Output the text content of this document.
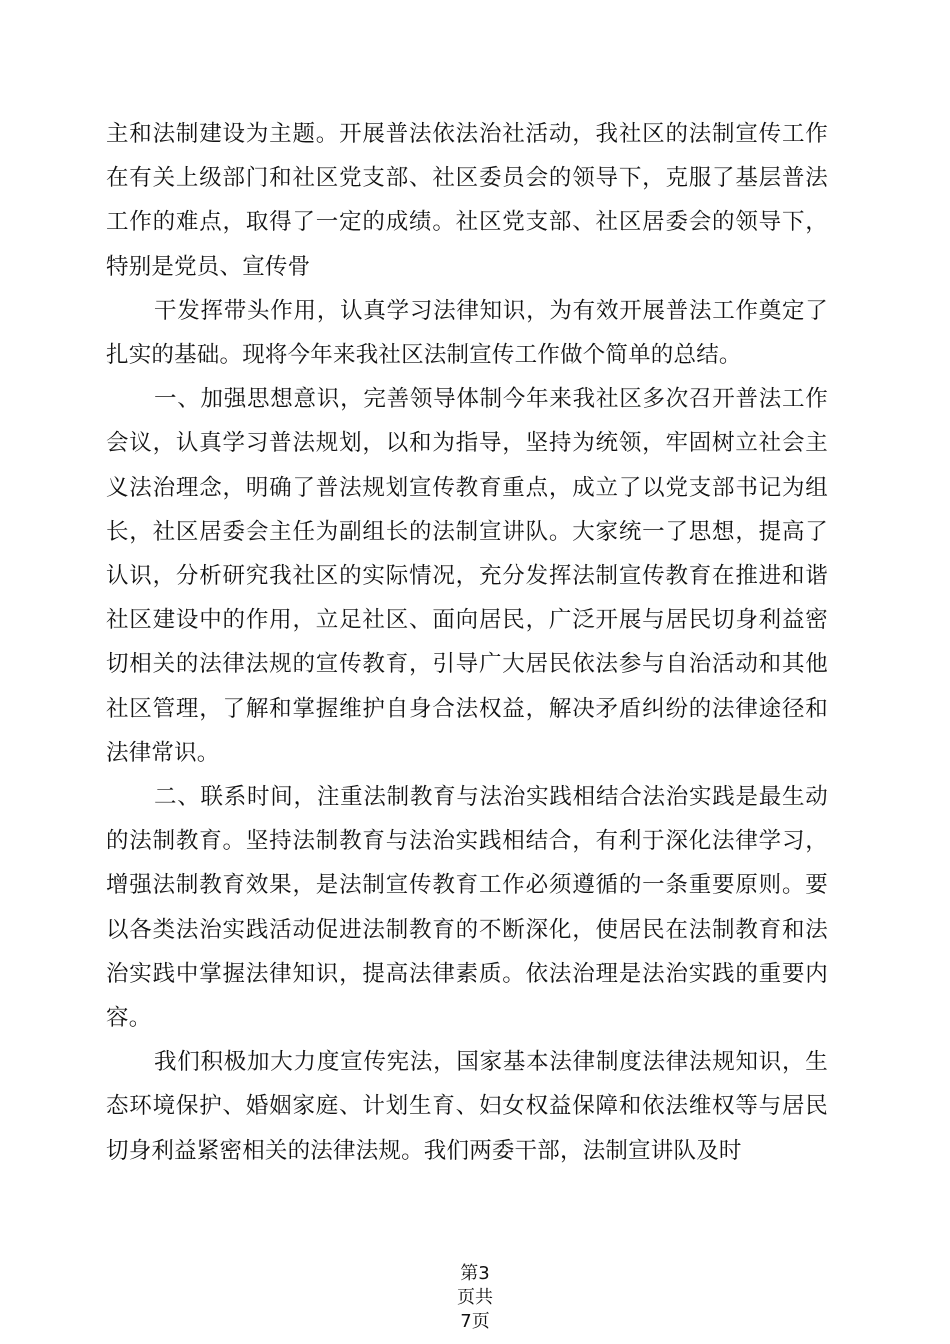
主和法制建设为主题。开展普法依法治社活动，我社区的法制宣传工作在有关上级部门和社区党支部、社区委员会的领导下，克服了基层普法工作的难点，取得了一定的成绩。社区党支部、社区居委会的领导下，特别是党员、宣传骨

干发挥带头作用，认真学习法律知识，为有效开展普法工作奠定了扎实的基础。现将今年来我社区法制宣传工作做个简单的总结。

一、加强思想意识，完善领导体制今年来我社区多次召开普法工作会议，认真学习普法规划，以和为指导，坚持为统领，牢固树立社会主义法治理念，明确了普法规划宣传教育重点，成立了以党支部书记为组长，社区居委会主任为副组长的法制宣讲队。大家统一了思想，提高了认识，分析研究我社区的实际情况，充分发挥法制宣传教育在推进和谐社区建设中的作用，立足社区、面向居民，广泛开展与居民切身利益密切相关的法律法规的宣传教育，引导广大居民依法参与自治活动和其他社区管理，了解和掌握维护自身合法权益，解决矛盾纠纷的法律途径和法律常识。

二、联系时间，注重法制教育与法治实践相结合法治实践是最生动的法制教育。坚持法制教育与法治实践相结合，有利于深化法律学习，增强法制教育效果，是法制宣传教育工作必须遵循的一条重要原则。要以各类法治实践活动促进法制教育的不断深化，使居民在法制教育和法治实践中掌握法律知识，提高法律素质。依法治理是法治实践的重要内容。

我们积极加大力度宣传宪法，国家基本法律制度法律法规知识，生态环境保护、婚姻家庭、计划生育、妇女权益保障和依法维权等与居民切身利益紧密相关的法律法规。我们两委干部，法制宣讲队及时

第3
页共
7页
